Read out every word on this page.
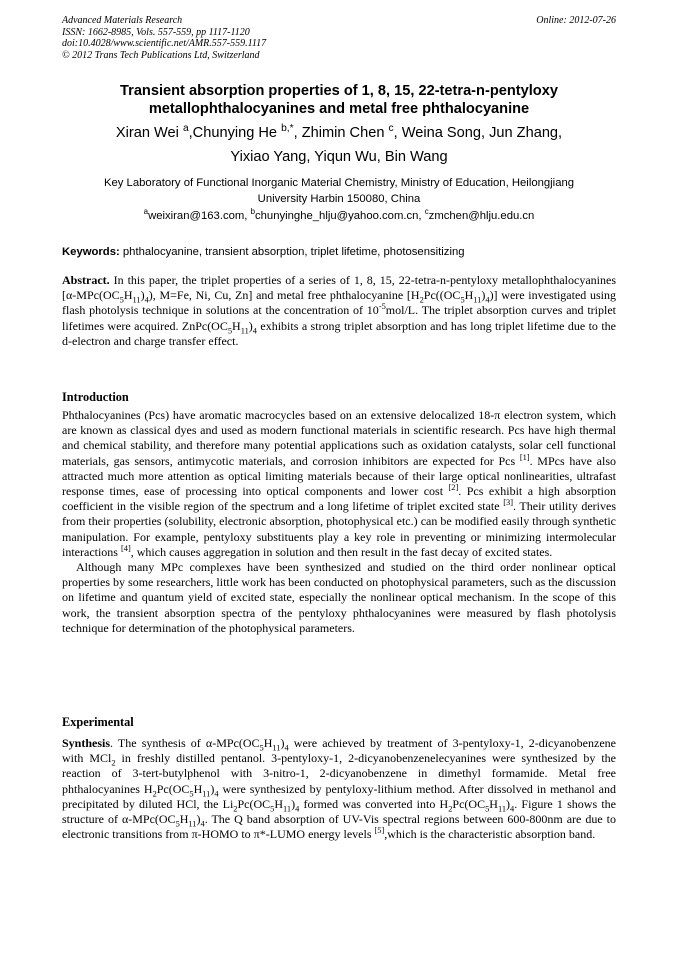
Advanced Materials Research
ISSN: 1662-8985, Vols. 557-559, pp 1117-1120
doi:10.4028/www.scientific.net/AMR.557-559.1117
© 2012 Trans Tech Publications Ltd, Switzerland
Online: 2012-07-26
Transient absorption properties of 1, 8, 15, 22-tetra-n-pentyloxy
metallophthalocyanines and metal free phthalocyanine
Xiran Wei $^a$,Chunying He $^{b,*}$, Zhimin Chen $^c$, Weina Song, Jun Zhang,
Yixiao Yang, Yiqun Wu, Bin Wang
Key Laboratory of Functional Inorganic Material Chemistry, Ministry of Education, Heilongjiang
University Harbin 150080, China
$^a$weixiran@163.com, $^b$chunyinghe_hlju@yahoo.com.cn, $^c$zmchen@hlju.edu.cn
Keywords: phthalocyanine, transient absorption, triplet lifetime, photosensitizing

Abstract. In this paper, the triplet properties of a series of 1, 8, 15, 22-tetra-n-pentyloxy metallophthalocyanines $[\alpha-MPc(OC_5H_{11})_4)$, M=Fe, Ni, Cu, Zn] and metal free phthalocyanine $[H_2Pc((OC_5H_{11})_4)]$ were investigated using flash photolysis technique in solutions at the concentration of $10^{-5}mol/L$. The triplet absorption curves and triplet lifetimes were acquired. $ZnPc(OC_5H_{11})_4$ exhibits a strong triplet absorption and has long triplet lifetime due to the d-electron and charge transfer effect.

Introduction

Phthalocyanines (Pcs) have aromatic macrocycles based on an extensive delocalized 18-π electron system, which are known as classical dyes and used as modern functional materials in scientific research. Pcs have high thermal and chemical stability, and therefore many potential applications such as oxidation catalysts, solar cell functional materials, gas sensors, antimycotic materials, and corrosion inhibitors are expected for Pcs [1]. MPcs have also attracted much more attention as optical limiting materials because of their large optical nonlinearities, ultrafast response times, ease of processing into optical components and lower cost [2]. Pcs exhibit a high absorption coefficient in the visible region of the spectrum and a long lifetime of triplet excited state [3]. Their utility derives from their properties (solubility, electronic absorption, photophysical etc.) can be modified easily through synthetic manipulation. For example, pentyloxy substituents play a key role in preventing or minimizing intermolecular interactions [4], which causes aggregation in solution and then result in the fast decay of excited states.

Although many MPc complexes have been synthesized and studied on the third order nonlinear optical properties by some researchers, little work has been conducted on photophysical parameters, such as the discussion on lifetime and quantum yield of excited state, especially the nonlinear optical mechanism. In the scope of this work, the transient absorption spectra of the pentyloxy phthalocyanines were measured by flash photolysis technique for determination of the photophysical parameters.

Experimental

Synthesis. The synthesis of $\alpha-MPc(OC_5H_{11})_4$ were achieved by treatment of 3-pentyloxy-1, 2-dicyanobenzene with MCl$_2$ in freshly distilled pentanol. 3-pentyloxy-1, 2-dicyanobenzenelecyanines were synthesized by the reaction of 3-tert-butylphenol with 3-nitro-1, 2-dicyanobenzene in dimethyl formamide. Metal free phthalocyanines $H_2Pc(OC_5H_{11})_4$ were synthesized by pentyloxy-lithium method. After dissolved in methanol and precipitated by diluted HCl, the $Li_2Pc(OC_5H_{11})_4$ formed was converted into $H_2Pc(OC_5H_{11})_4$. Figure 1 shows the structure of $\alpha-MPc(OC_5H_{11})_4$. The Q band absorption of UV-Vis spectral regions between 600-800nm are due to electronic transitions from π-HOMO to π*-LUMO energy levels [5],which is the characteristic absorption band.
